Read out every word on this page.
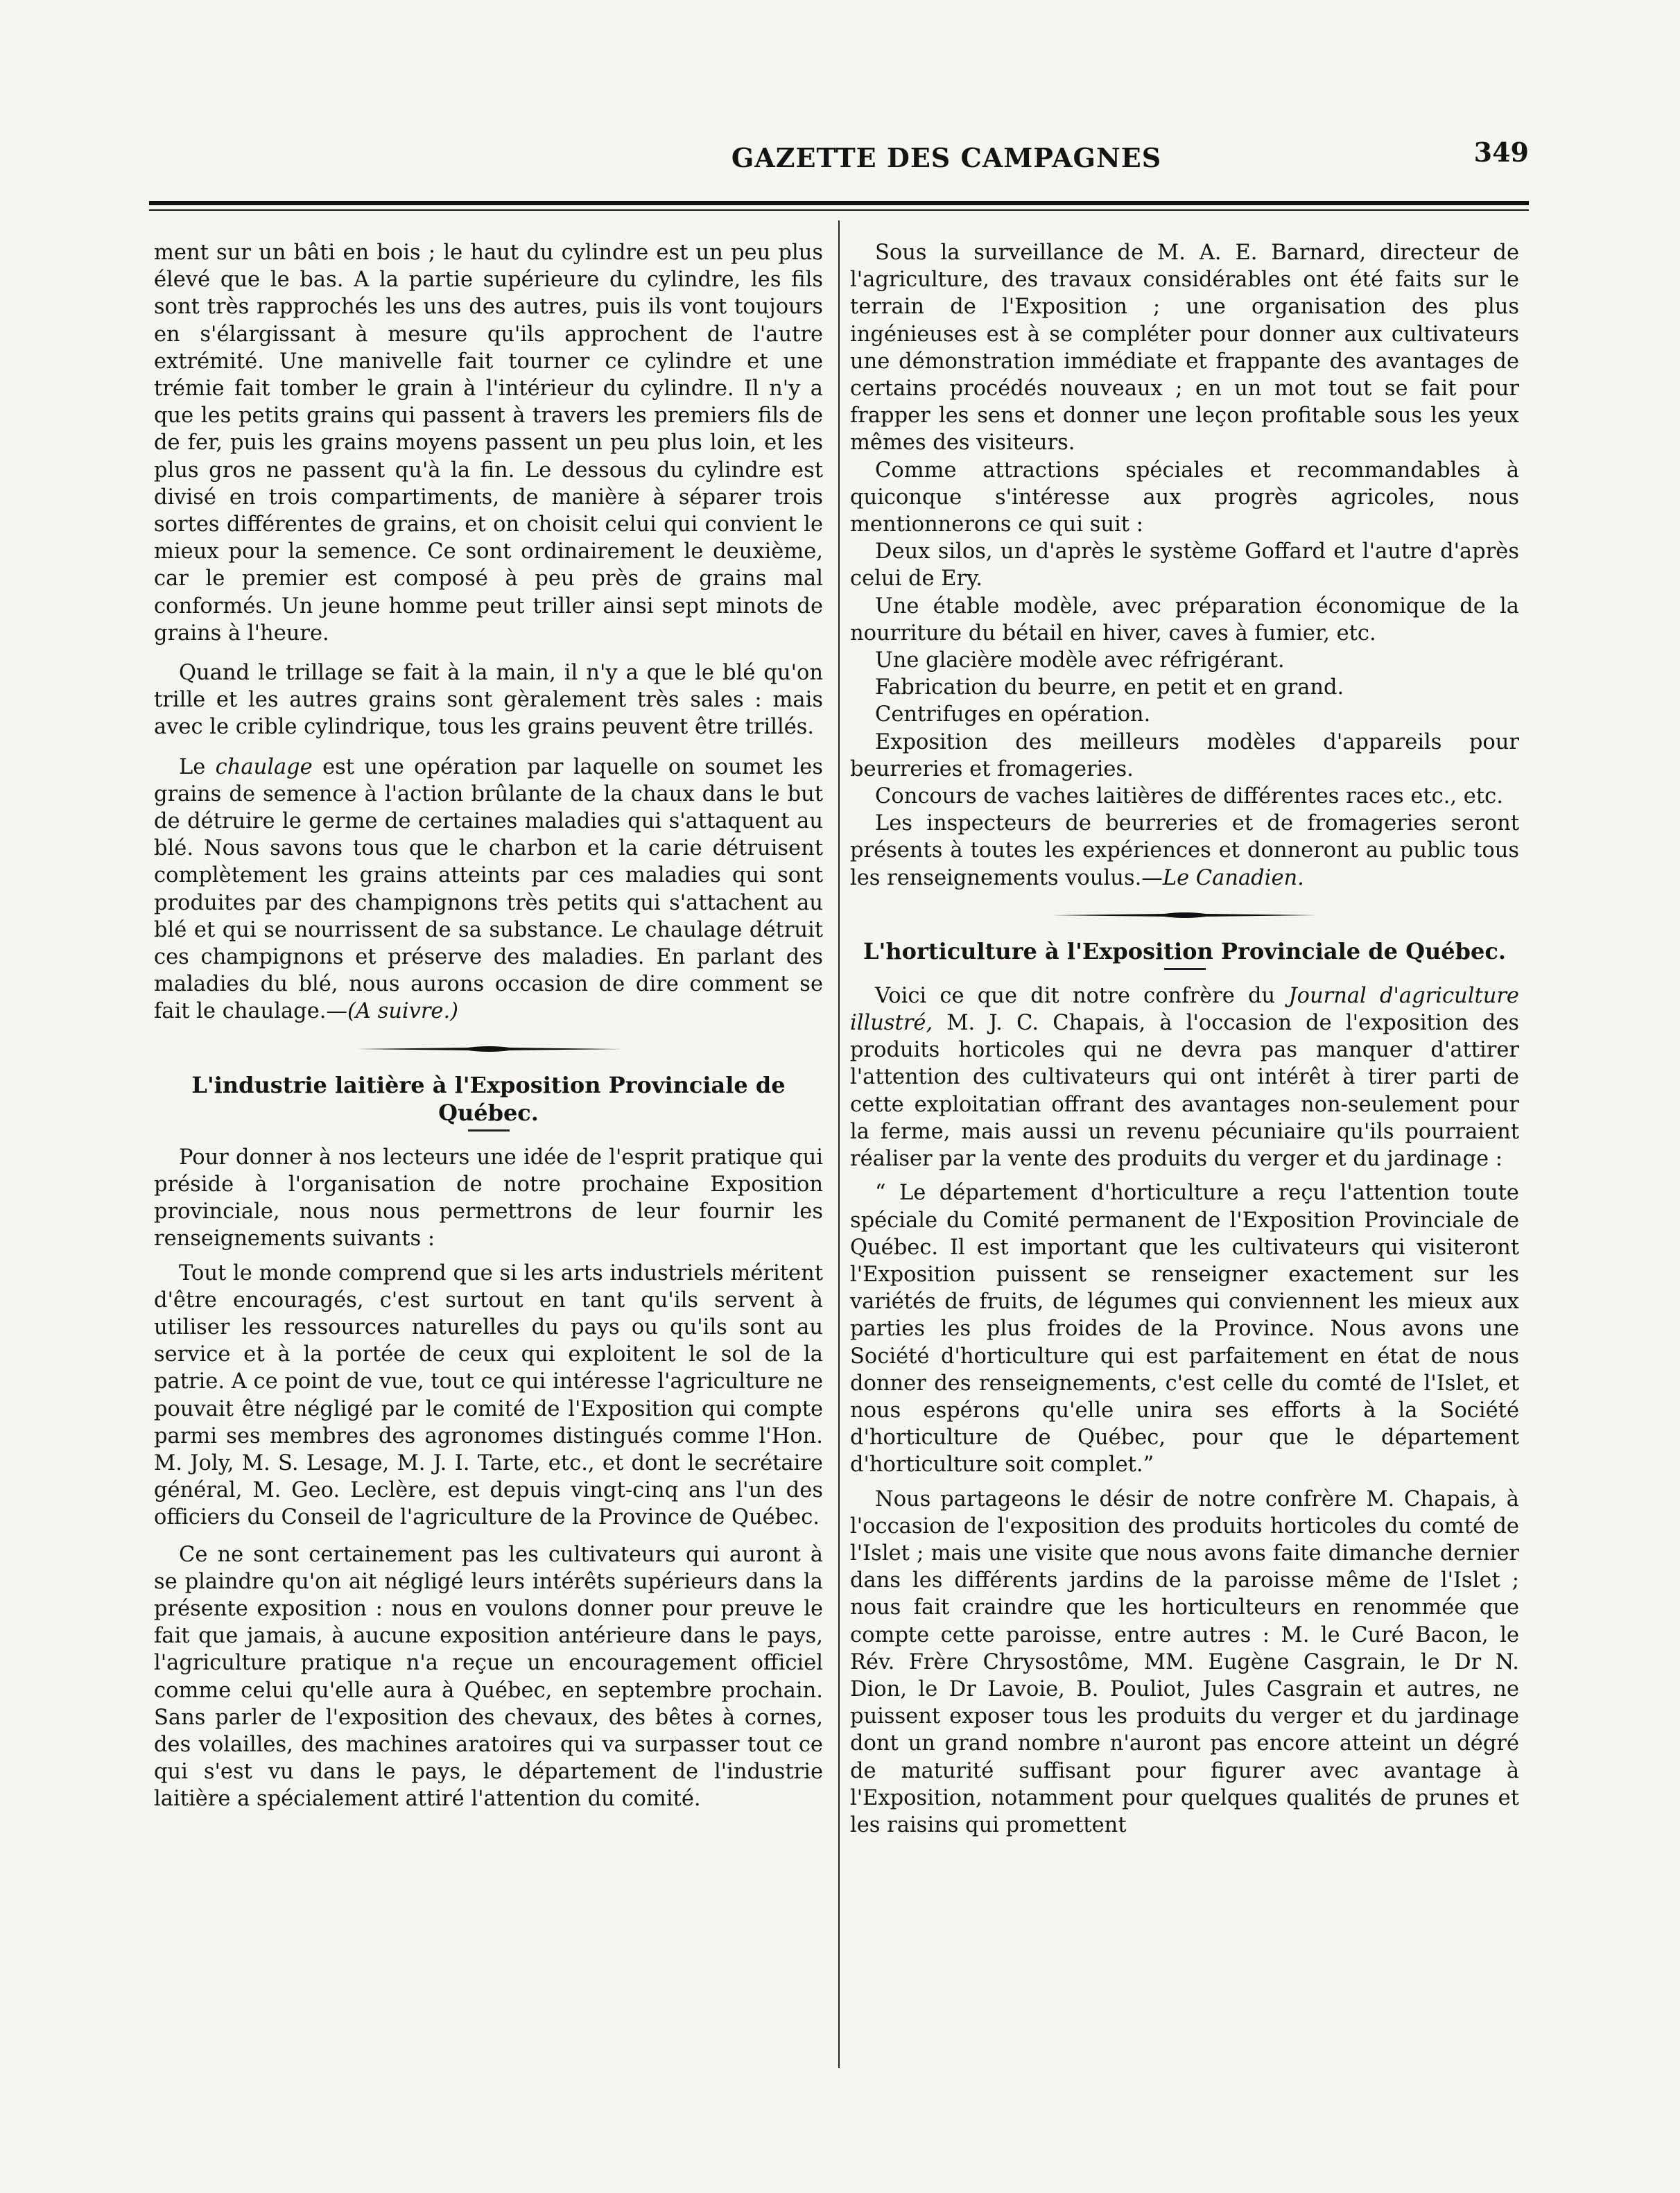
GAZETTE DES CAMPAGNES	349

ment sur un bâti en bois ; le haut du cylindre est un peu plus élevé que le bas. A la partie supérieure du cylindre, les fils sont très rapprochés les uns des autres, puis ils vont toujours en s'élargissant à mesure qu'ils approchent de l'autre extrémité. Une manivelle fait tourner ce cylindre et une trémie fait tomber le grain à l'intérieur du cylindre. Il n'y a que les petits grains qui passent à travers les premiers fils de de fer, puis les grains moyens passent un peu plus loin, et les plus gros ne passent qu'à la fin. Le dessous du cylindre est divisé en trois compartiments, de manière à séparer trois sortes différentes de grains, et on choisit celui qui convient le mieux pour la semence. Ce sont ordinairement le deuxième, car le premier est composé à peu près de grains mal conformés. Un jeune homme peut triller ainsi sept minots de grains à l'heure.

Quand le trillage se fait à la main, il n'y a que le blé qu'on trille et les autres grains sont gèralement très sales : mais avec le crible cylindrique, tous les grains peuvent être trillés.

Le chaulage est une opération par laquelle on soumet les grains de semence à l'action brûlante de la chaux dans le but de détruire le germe de certaines maladies qui s'attaquent au blé. Nous savons tous que le charbon et la carie détruisent complètement les grains atteints par ces maladies qui sont produites par des champignons très petits qui s'attachent au blé et qui se nourrissent de sa substance. Le chaulage détruit ces champignons et préserve des maladies. En parlant des maladies du blé, nous aurons occasion de dire comment se fait le chaulage.—(A suivre.)

L'industrie laitière à l'Exposition Provinciale de Québec.

Pour donner à nos lecteurs une idée de l'esprit pratique qui préside à l'organisation de notre prochaine Exposition provinciale, nous nous permettrons de leur fournir les renseignements suivants :

Tout le monde comprend que si les arts industriels méritent d'être encouragés, c'est surtout en tant qu'ils servent à utiliser les ressources naturelles du pays ou qu'ils sont au service et à la portée de ceux qui exploitent le sol de la patrie. A ce point de vue, tout ce qui intéresse l'agriculture ne pouvait être négligé par le comité de l'Exposition qui compte parmi ses membres des agronomes distingués comme l'Hon. M. Joly, M. S. Lesage, M. J. I. Tarte, etc., et dont le secrétaire général, M. Geo. Leclère, est depuis vingt-cinq ans l'un des officiers du Conseil de l'agriculture de la Province de Québec.

Ce ne sont certainement pas les cultivateurs qui auront à se plaindre qu'on ait négligé leurs intérêts supérieurs dans la présente exposition : nous en voulons donner pour preuve le fait que jamais, à aucune exposition antérieure dans le pays, l'agriculture pratique n'a reçue un encouragement officiel comme celui qu'elle aura à Québec, en septembre prochain. Sans parler de l'exposition des chevaux, des bêtes à cornes, des volailles, des machines aratoires qui va surpasser tout ce qui s'est vu dans le pays, le département de l'industrie laitière a spécialement attiré l'attention du comité.

Sous la surveillance de M. A. E. Barnard, directeur de l'agriculture, des travaux considérables ont été faits sur le terrain de l'Exposition ; une organisation des plus ingénieuses est à se compléter pour donner aux cultivateurs une démonstration immédiate et frappante des avantages de certains procédés nouveaux ; en un mot tout se fait pour frapper les sens et donner une leçon profitable sous les yeux mêmes des visiteurs.

Comme attractions spéciales et recommandables à quiconque s'intéresse aux progrès agricoles, nous mentionnerons ce qui suit :

Deux silos, un d'après le système Goffard et l'autre d'après celui de Ery.

Une étable modèle, avec préparation économique de la nourriture du bétail en hiver, caves à fumier, etc.

Une glacière modèle avec réfrigérant.

Fabrication du beurre, en petit et en grand.

Centrifuges en opération.

Exposition des meilleurs modèles d'appareils pour beurreries et fromageries.

Concours de vaches laitières de différentes races etc., etc.

Les inspecteurs de beurreries et de fromageries seront présents à toutes les expériences et donneront au public tous les renseignements voulus.—Le Canadien.

L'horticulture à l'Exposition Provinciale de Québec.

Voici ce que dit notre confrère du Journal d'agriculture illustré, M. J. C. Chapais, à l'occasion de l'exposition des produits horticoles qui ne devra pas manquer d'attirer l'attention des cultivateurs qui ont intérêt à tirer parti de cette exploitatian offrant des avantages non-seulement pour la ferme, mais aussi un revenu pécuniaire qu'ils pourraient réaliser par la vente des produits du verger et du jardinage :

“ Le département d'horticulture a reçu l'attention toute spéciale du Comité permanent de l'Exposition Provinciale de Québec. Il est important que les cultivateurs qui visiteront l'Exposition puissent se renseigner exactement sur les variétés de fruits, de légumes qui conviennent les mieux aux parties les plus froides de la Province. Nous avons une Société d'horticulture qui est parfaitement en état de nous donner des renseignements, c'est celle du comté de l'Islet, et nous espérons qu'elle unira ses efforts à la Société d'horticulture de Québec, pour que le département d'horticulture soit complet.”

Nous partageons le désir de notre confrère M. Chapais, à l'occasion de l'exposition des produits horticoles du comté de l'Islet ; mais une visite que nous avons faite dimanche dernier dans les différents jardins de la paroisse même de l'Islet ; nous fait craindre que les horticulteurs en renommée que compte cette paroisse, entre autres : M. le Curé Bacon, le Rév. Frère Chrysostôme, MM. Eugène Casgrain, le Dr N. Dion, le Dr Lavoie, B. Pouliot, Jules Casgrain et autres, ne puissent exposer tous les produits du verger et du jardinage dont un grand nombre n'auront pas encore atteint un dégré de maturité suffisant pour figurer avec avantage à l'Exposition, notamment pour quelques qualités de prunes et les raisins qui promettent
